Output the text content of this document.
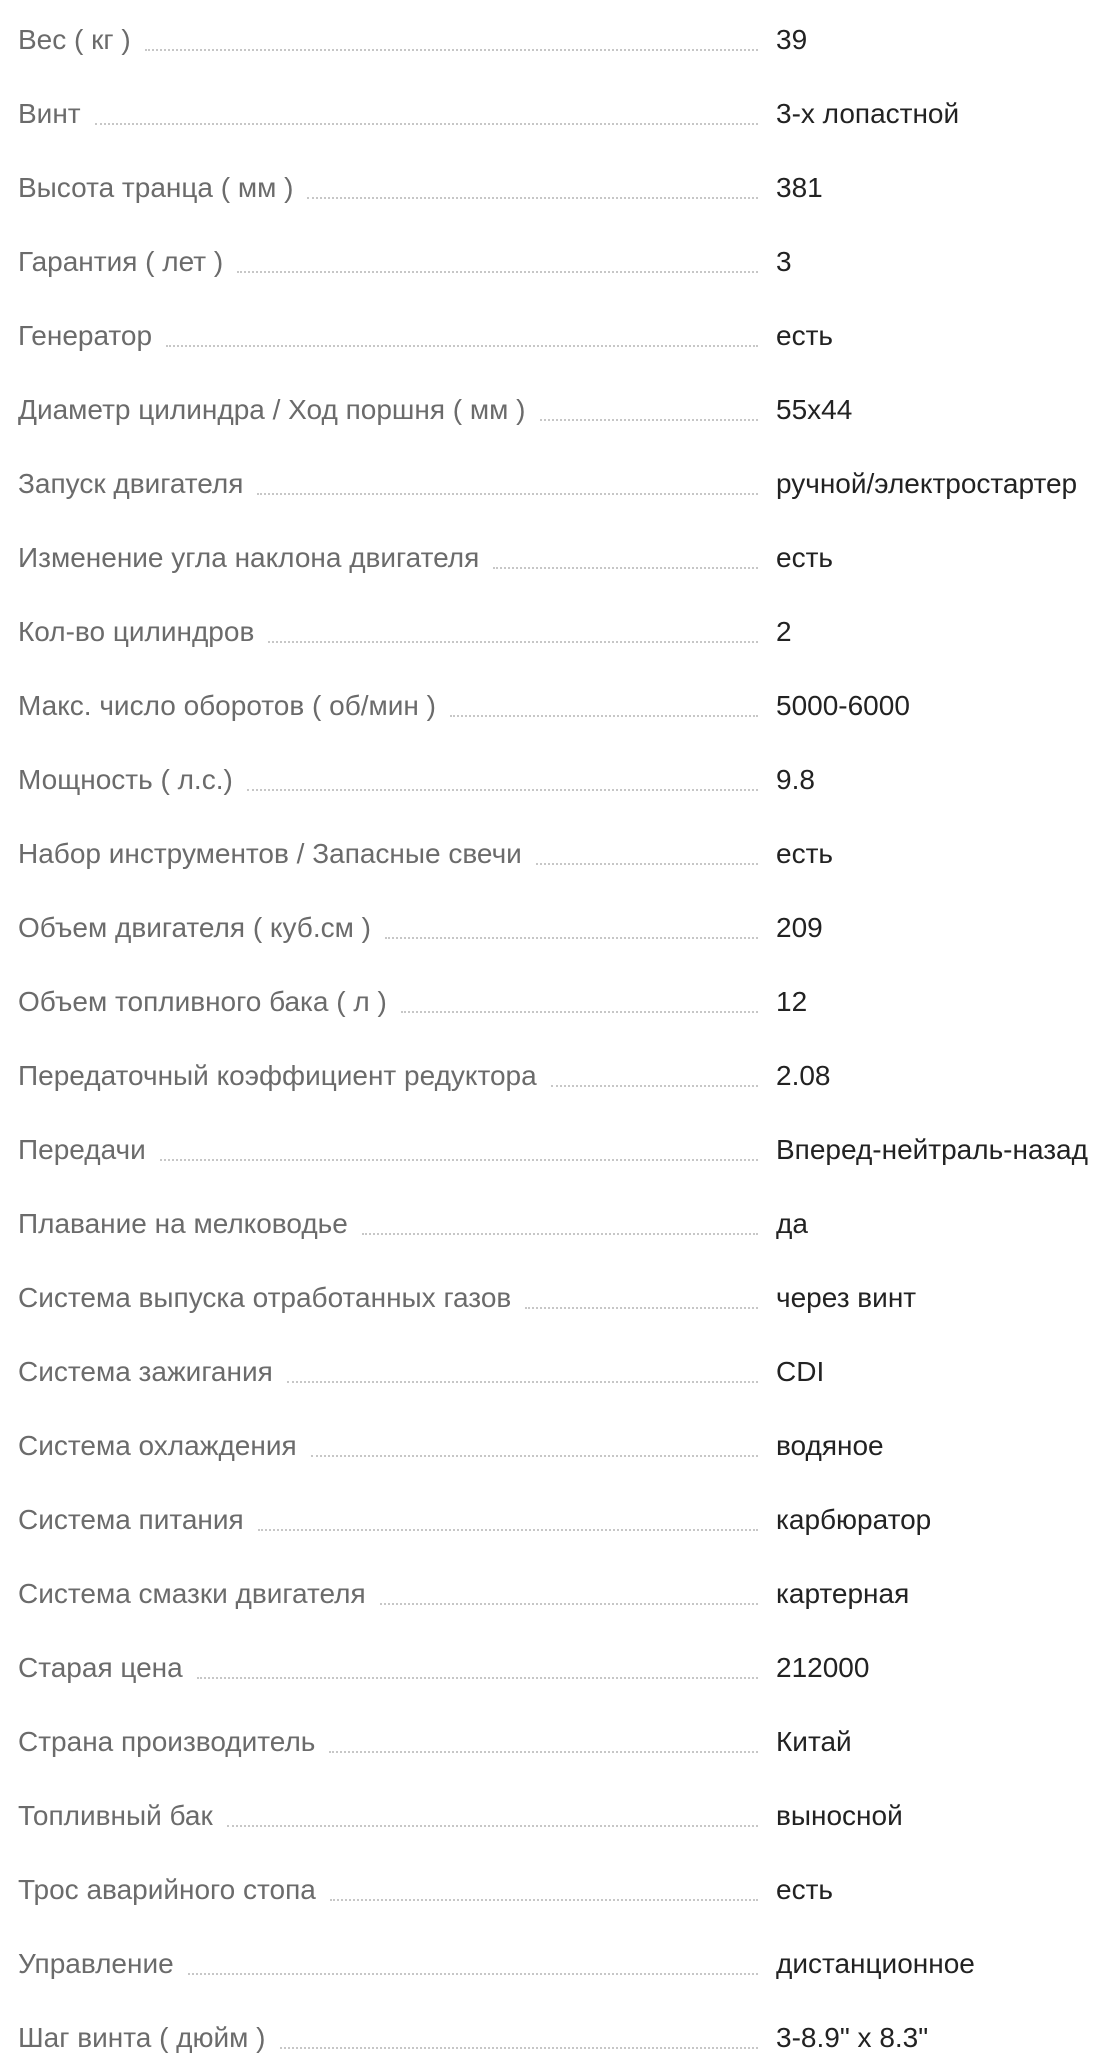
Вес ( кг )	39
Винт	3-х лопастной
Высота транца ( мм )	381
Гарантия ( лет )	3
Генератор	есть
Диаметр цилиндра / Ход поршня ( мм )	55x44
Запуск двигателя	ручной/электростартер
Изменение угла наклона двигателя	есть
Кол-во цилиндров	2
Макс. число оборотов ( об/мин )	5000-6000
Мощность ( л.с.)	9.8
Набор инструментов / Запасные свечи	есть
Объем двигателя ( куб.см )	209
Объем топливного бака ( л )	12
Передаточный коэффициент редуктора	2.08
Передачи	Вперед-нейтраль-назад
Плавание на мелководье	да
Система выпуска отработанных газов	через винт
Система зажигания	CDI
Система охлаждения	водяное
Система питания	карбюратор
Система смазки двигателя	картерная
Старая цена	212000
Страна производитель	Китай
Топливный бак	выносной
Трос аварийного стопа	есть
Управление	дистанционное
Шаг винта ( дюйм )	3-8.9" x 8.3"
